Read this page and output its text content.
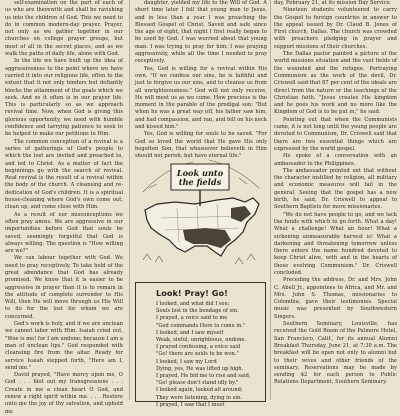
self-examination on the part of each of us who are therewith and shall be ravishing us into the children of God. This we need to do in common modern-day prayer. Prayer, not only as we gather together in our churches on college prayer groups, but most of all in the secret places, and as we walk the paths of daily life, alone with God.

In the life we have built up the idea of aggressiveness to the point where we have carried it into our religious life, often to the extent that it not only hinders but defiantly blocks the attainment of the goals which we seek. And so it often is in our prayer life. This is particularly so as we approach revival time. Now, when God is giving this glorious opportunity, we need with humble confidence and tarrying patience to seek to be helped to make our petitions to Him.

The common conception of a revival is a series of gatherings of God's people to which the lost are invited and preached to, and led to Christ. As a matter of fact the beginnings go with the search of revival. Real revival is the result of a revival within the body of the church. A cleansing and re-dedication of God's children. It is a spiritual house-cleaning where God's own come out, clean up, and come close with Him.

As a result of our misconceptions we often pray amiss. We are aggressive in our importunities before God that souls be saved, seemingly forgetful that God is always willing. The question is "How willing are we?"

We can labour together with God. We need to pray receptively. To take hold of the great abundance that God has already promised. We know that it is easier to be aggressive in prayer than it is to remain in the attitude of complete surrender to His Will, then He will move through us His Will to do for the lost for whom we are concerned.

God's work is holy, and if we are unclean we cannot labor with Him. Isaiah cried out, "Woe is me! for I am undone; because I am a man of unclean lips." God responded with cleansing fire from the altar. Ready for service Isaiah stepped forth, "Here am I, send me."

David prayed, "Have mercy upon me, O God . . . blot out my transgressions . . . Create in me a clean heart O God, and renew a right spirit within me. . . . Restore unto me the joy of thy salvation, and uphold me

daughter, yielded my life to the Will of God. A short time later I fell that young man to Jesus, and in less than a year I was preaching the Blessed Gospel of Christ. Saved and safe since the age of eight, that night I first really began to be used by God. I was worried about that young man. I was trying to pray for him; I was praying aggressively, while all the time I needed to pray receptively.

Yes, God is willing for a revival within His own. "If we confess our sins, he is faithful and just to forgive us our sins, and to cleanse us from all unrighteousness." God will not only receive, He will meet us as we come. How precious is the moment in the parable of the prodigal son: "But when he was a great way off, his father saw him, and had compassion, and ran, and fell on his neck and kissed him."

Yes, God is willing for souls to be saved. "For God so loved the world that He gave His only begotten Son, that whosoever believeth in Him should not perish, but have eternal life."

Look unto
the fields
Look! Pray! Go!
I looked, and what did I see;
Souls lost in the bondage of sin.
I prayed, a voice said to me
"God commands Here to come in."
I looked, and I saw myself
Weak, sinful, unrighteous, undone.
I prayed confessing, a voice said
"Go! there are souls to be won."
I looked, I saw my Lord
Dying, yes, He was lifted up high.
I prayed, He bid me to rise and said,
"Go! please don't stand idly by."
I looked again, looked all around;
They were listening, dying in sin.
I prayed, I saw that I must

day, February 21, at its mission Day Service.

Nineteen students volunteered to carry the Gospel to foreign countries in answer to the appeal issued by Dr. Claud B. Jones of First church, Dallas. The church was crowded with preachers pledging in prayer and support missions of their churches.

The Dallas pastor painted a picture of the world missions situation and the vast fields of the wounded and the refugee. Portraying Communism as the work of the devil, Dr. Criswell said that 87 per cent of the ideals are direct from the nature or the teachings of the Christian faith. "Jesus creates His kingdom and he goes his work and no more like the Kingdom of God is to be put in," he said.

Pointing out that when the Communists came, it is not long until the young people are devoted to Communism, Dr. Criswell said that there are two essential things which are expressed by the world gospel.

He spoke of a conversation with an ambassador to the Philippines.

The ambassador pointed out that without the character instilled by religion, all military and economic measures will fail in the general. Seeing that the gospel has a new birth, he said, Dr. Criswell to appeal to Southern Baptists for more missionaries.

"We do not have people to go, and we lack the funds with which to go forth. What a day! What a challenge! What an hour! What a sickening unmeasurable harvest is! What a darkening and threatening tomorrow unless there enters the name hundred devoted to keep Christ alive, with and in the hearts of those evolving Communism." Dr. Criswell concluded.

Preceding the address, Dr. and Mrs. John C. Abell Jr., appointees to Africa, and Mr. and Mrs. John S. Thomas, missionaries to Colombia, gave their testimonies. Special music was presented by Southwestern Singers.

Southern Seminary, Louisville, has received the Gold Room of the Palmore Hotel, San Francisco, Calif., for its annual Alumni Breakfast Thursday, June 21, at 7:30 a.m. The breakfast will be open not only to alumni but to their wives and other friends of the seminary. Reservations may be made by sending $2 for each person to Public Relations Department, Southern Seminary.
